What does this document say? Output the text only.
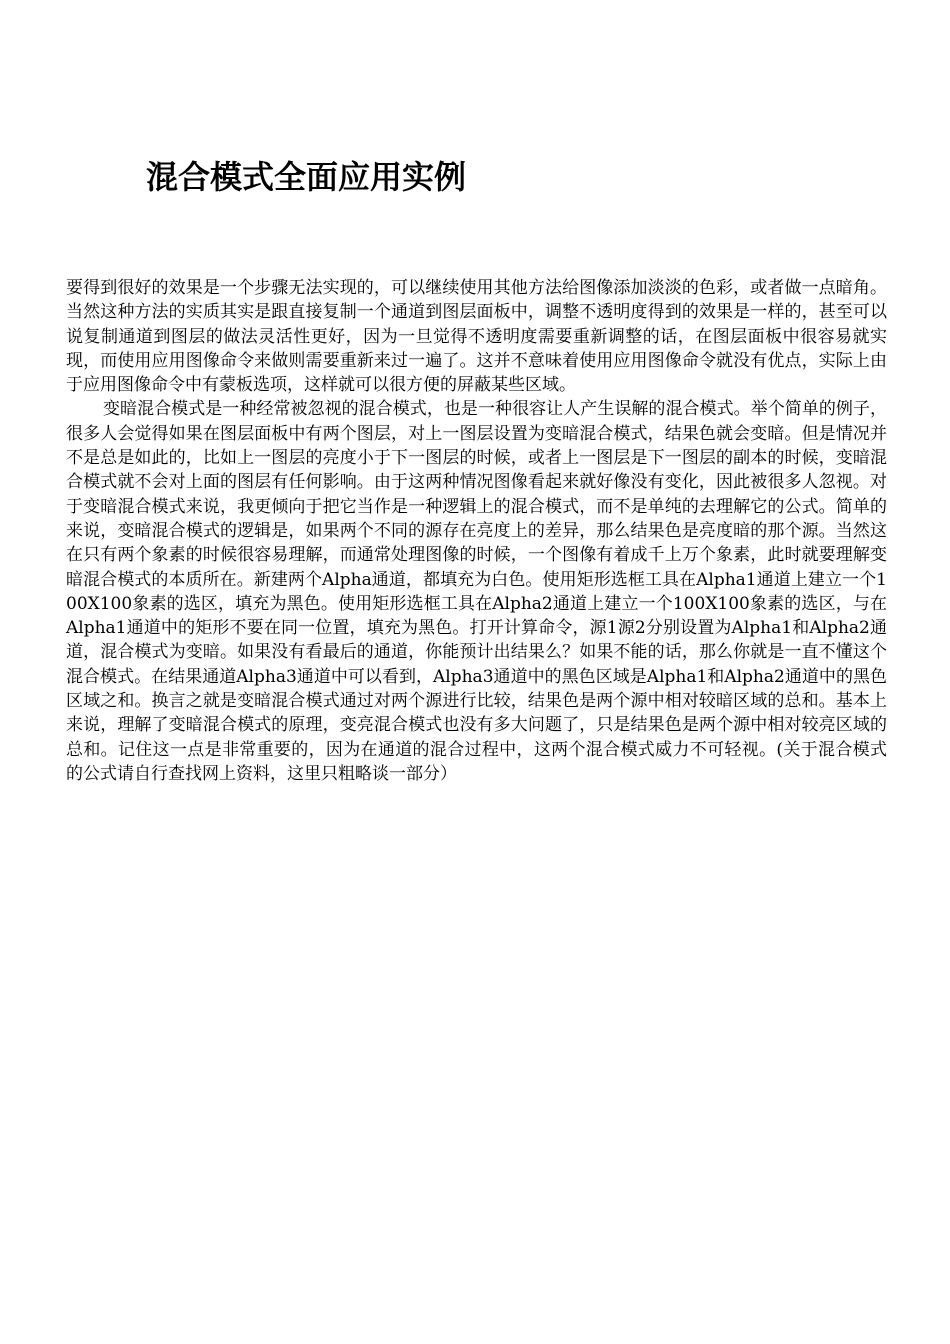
混合模式全面应用实例

要得到很好的效果是一个步骤无法实现的，可以继续使用其他方法给图像添加淡淡的色彩，或者做一点暗角。当然这种方法的实质其实是跟直接复制一个通道到图层面板中，调整不透明度得到的效果是一样的，甚至可以说复制通道到图层的做法灵活性更好，因为一旦觉得不透明度需要重新调整的话，在图层面板中很容易就实现，而使用应用图像命令来做则需要重新来过一遍了。这并不意味着使用应用图像命令就没有优点，实际上由于应用图像命令中有蒙板选项，这样就可以很方便的屏蔽某些区域。

变暗混合模式是一种经常被忽视的混合模式，也是一种很容让人产生误解的混合模式。举个简单的例子，很多人会觉得如果在图层面板中有两个图层，对上一图层设置为变暗混合模式，结果色就会变暗。但是情况并不是总是如此的，比如上一图层的亮度小于下一图层的时候，或者上一图层是下一图层的副本的时候，变暗混合模式就不会对上面的图层有任何影响。由于这两种情况图像看起来就好像没有变化，因此被很多人忽视。对于变暗混合模式来说，我更倾向于把它当作是一种逻辑上的混合模式，而不是单纯的去理解它的公式。简单的来说，变暗混合模式的逻辑是，如果两个不同的源存在亮度上的差异，那么结果色是亮度暗的那个源。当然这在只有两个象素的时候很容易理解，而通常处理图像的时候，一个图像有着成千上万个象素，此时就要理解变暗混合模式的本质所在。新建两个Alpha通道，都填充为白色。使用矩形选框工具在Alpha1通道上建立一个100X100象素的选区，填充为黑色。使用矩形选框工具在Alpha2通道上建立一个100X100象素的选区，与在Alpha1通道中的矩形不要在同一位置，填充为黑色。打开计算命令，源1源2分别设置为Alpha1和Alpha2通道，混合模式为变暗。如果没有看最后的通道，你能预计出结果么？如果不能的话，那么你就是一直不懂这个混合模式。在结果通道Alpha3通道中可以看到，Alpha3通道中的黑色区域是Alpha1和Alpha2通道中的黑色区域之和。换言之就是变暗混合模式通过对两个源进行比较，结果色是两个源中相对较暗区域的总和。基本上来说，理解了变暗混合模式的原理，变亮混合模式也没有多大问题了，只是结果色是两个源中相对较亮区域的总和。记住这一点是非常重要的，因为在通道的混合过程中，这两个混合模式威力不可轻视。(关于混合模式的公式请自行查找网上资料，这里只粗略谈一部分）
